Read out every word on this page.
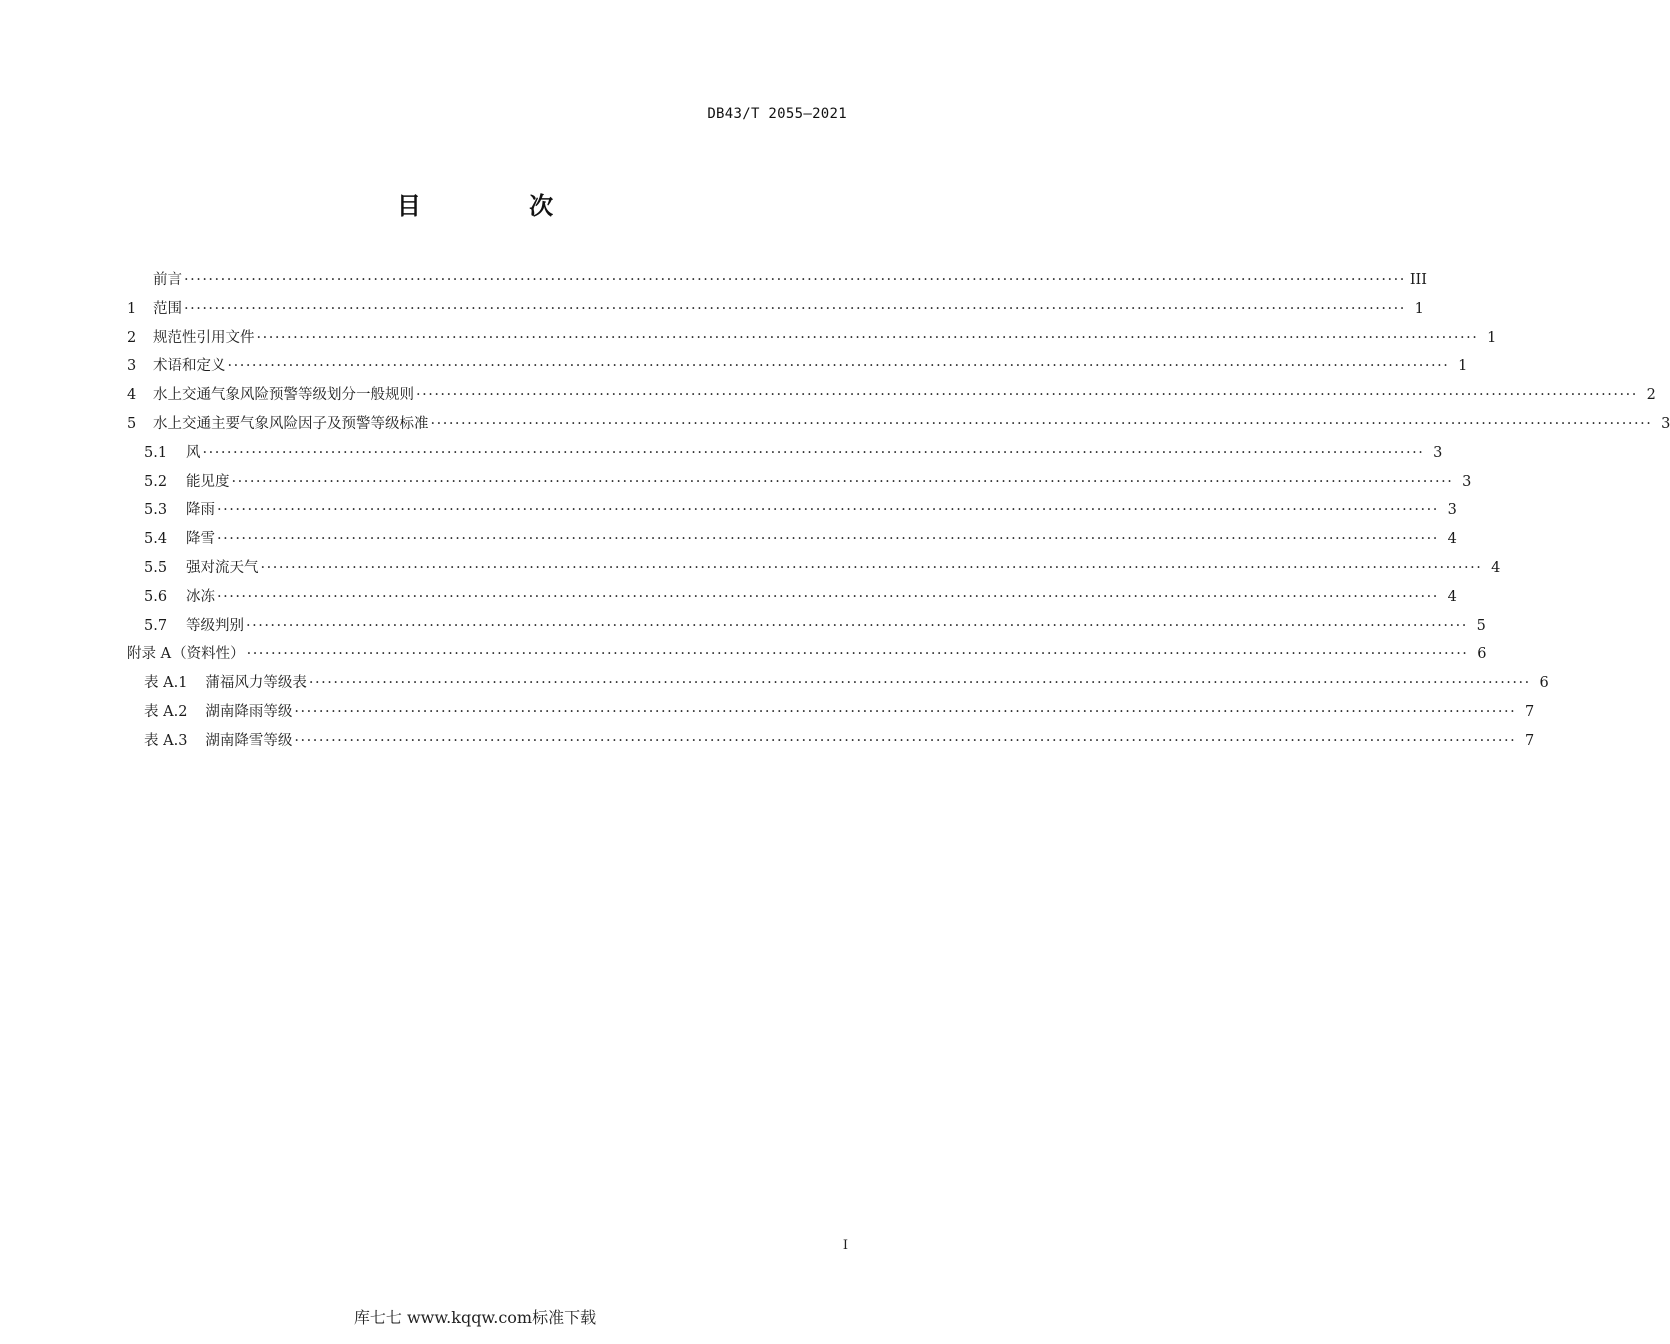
DB43/T 2055—2021
目 次
前言 ········································································································································································································ III
1	范围 ········································································································································································································ 1
2	规范性引用文件 ········································································································································································································ 1
3	术语和定义 ········································································································································································································ 1
4	水上交通气象风险预警等级划分一般规则 ········································································································································································································ 2
5	水上交通主要气象风险因子及预警等级标准 ········································································································································································································ 3
5.1	风 ········································································································································································································ 3
5.2	能见度 ········································································································································································································ 3
5.3	降雨 ········································································································································································································ 3
5.4	降雪 ········································································································································································································ 4
5.5	强对流天气 ········································································································································································································ 4
5.6	冰冻 ········································································································································································································ 4
5.7	等级判别 ········································································································································································································ 5
附录 A （资料性） ········································································································································································································ 6
表 A.1 蒲福风力等级表 ········································································································································································································ 6
表 A.2 湖南降雨等级 ········································································································································································································ 7
表 A.3 湖南降雪等级 ········································································································································································································ 7
I
库七七 www.kqqw.com标准下载
